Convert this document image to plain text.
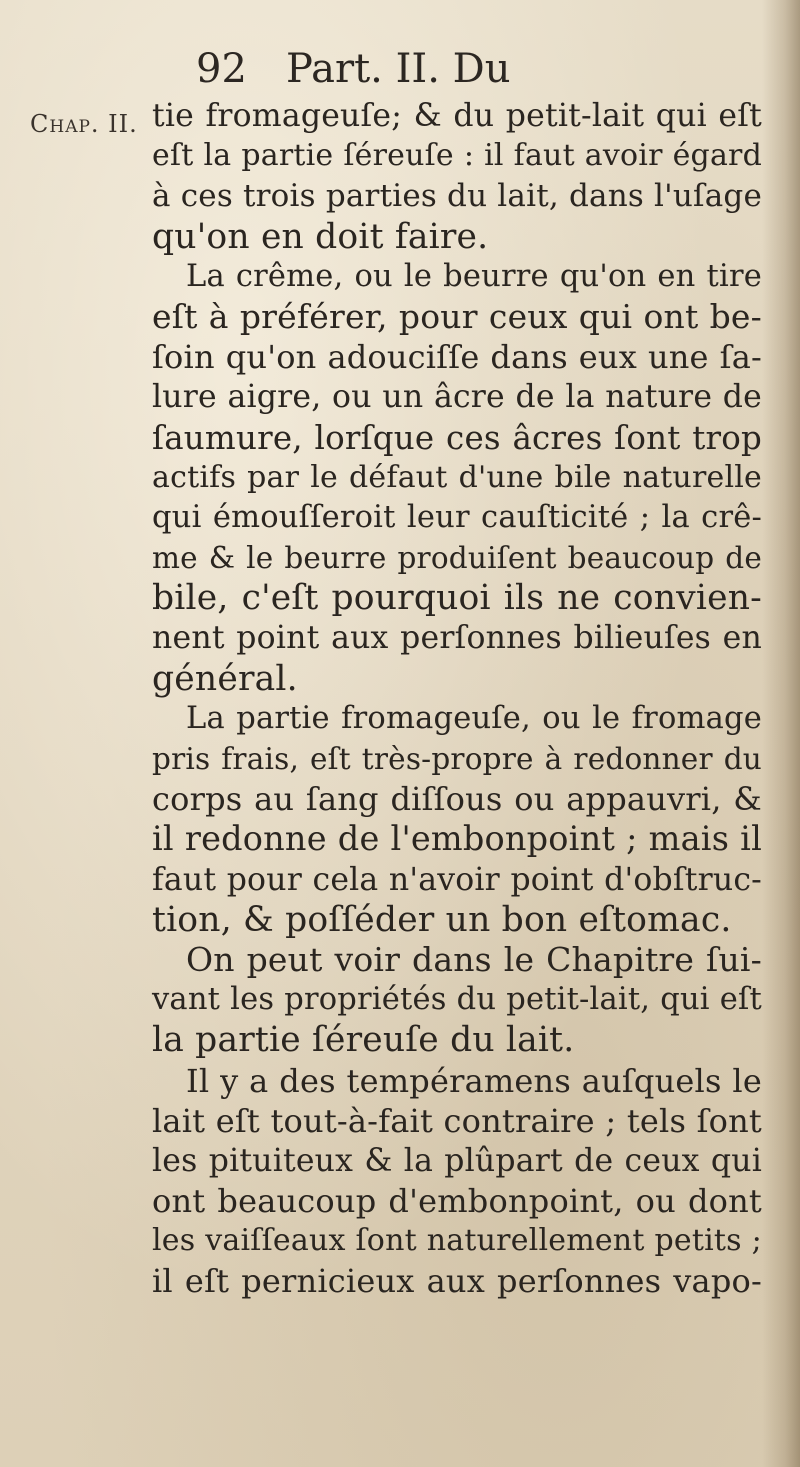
92 Part. II. Du
Chap. II. tie fromageuſe; & du petit-lait qui eſt
eſt la partie ſéreuſe : il faut avoir égard
à ces trois parties du lait, dans l'uſage
qu'on en doit faire.
La crême, ou le beurre qu'on en tire
eſt à préférer, pour ceux qui ont be-
ſoin qu'on adouciſſe dans eux une ſa-
lure aigre, ou un âcre de la nature de
ſaumure, lorſque ces âcres ſont trop
actifs par le défaut d'une bile naturelle
qui émouſſeroit leur cauſticité ; la crê-
me & le beurre produiſent beaucoup de
bile, c'eſt pourquoi ils ne convien-
nent point aux perſonnes bilieuſes en
général.
La partie fromageuſe, ou le fromage
pris frais, eſt très-propre à redonner du
corps au ſang diſſous ou appauvri, &
il redonne de l'embonpoint ; mais il
faut pour cela n'avoir point d'obſtruc-
tion, & poſſéder un bon eſtomac.
On peut voir dans le Chapitre ſui-
vant les propriétés du petit-lait, qui eſt
la partie ſéreuſe du lait.
Il y a des tempéramens auſquels le
lait eſt tout-à-fait contraire ; tels ſont
les pituiteux & la plûpart de ceux qui
ont beaucoup d'embonpoint, ou dont
les vaiſſeaux ſont naturellement petits ;
il eſt pernicieux aux perſonnes vapo-
